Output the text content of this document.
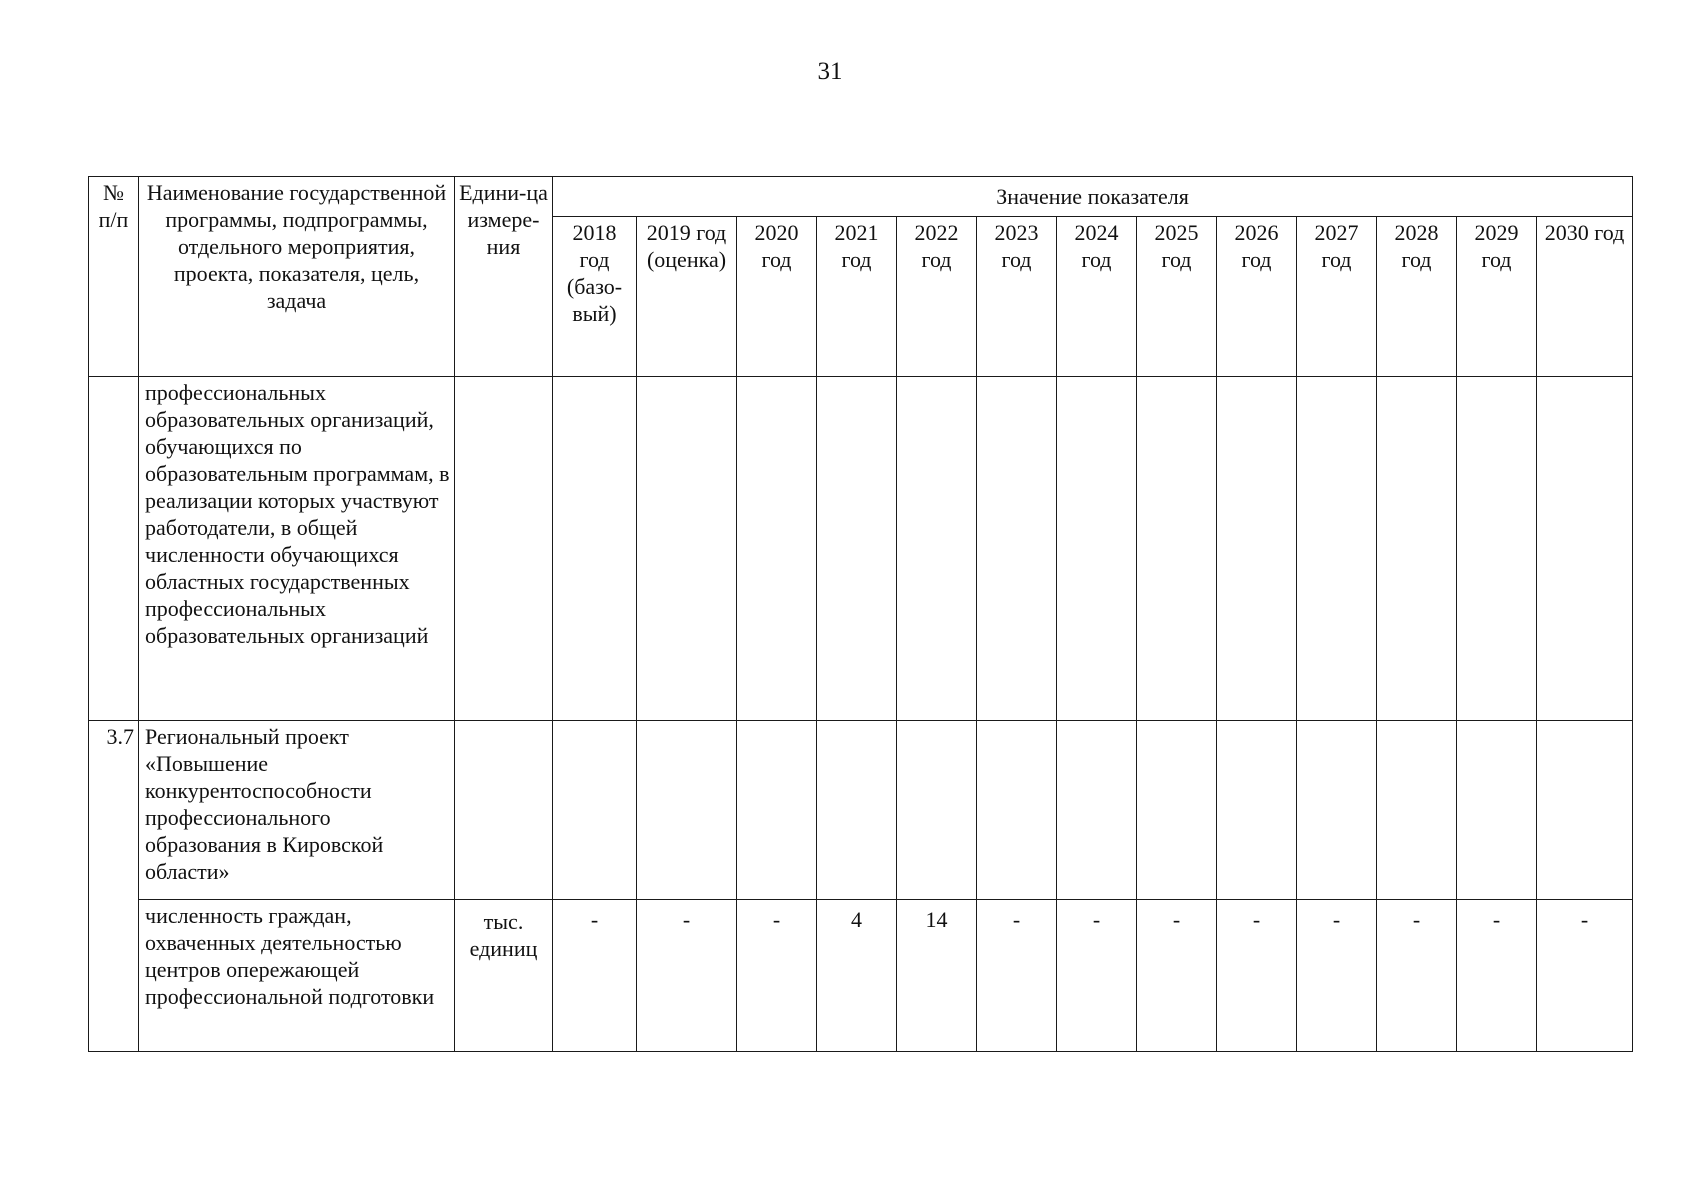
31
№ п/п	Наименование государственной программы, подпрограммы, отдельного мероприятия, проекта, показателя, цель, задача	Едини-ца измере-ния	Значение показателя												
			2018 год (базо-вый)	2019 год (оценка)	2020 год	2021 год	2022 год	2023 год	2024 год	2025 год	2026 год	2027 год	2028 год	2029 год	2030 год
	профессиональных образовательных организаций, обучающихся по образовательным программам, в реализации которых участвуют работодатели, в общей численности обучающихся областных государственных профессиональных образовательных организаций														
3.7	Региональный проект «Повышение конкурентоспособности профессионального образования в Кировской области»														
	численность граждан, охваченных деятельностью центров опережающей профессиональной подготовки	тыс. единиц	-	-	-	4	14	-	-	-	-	-	-	-	-
